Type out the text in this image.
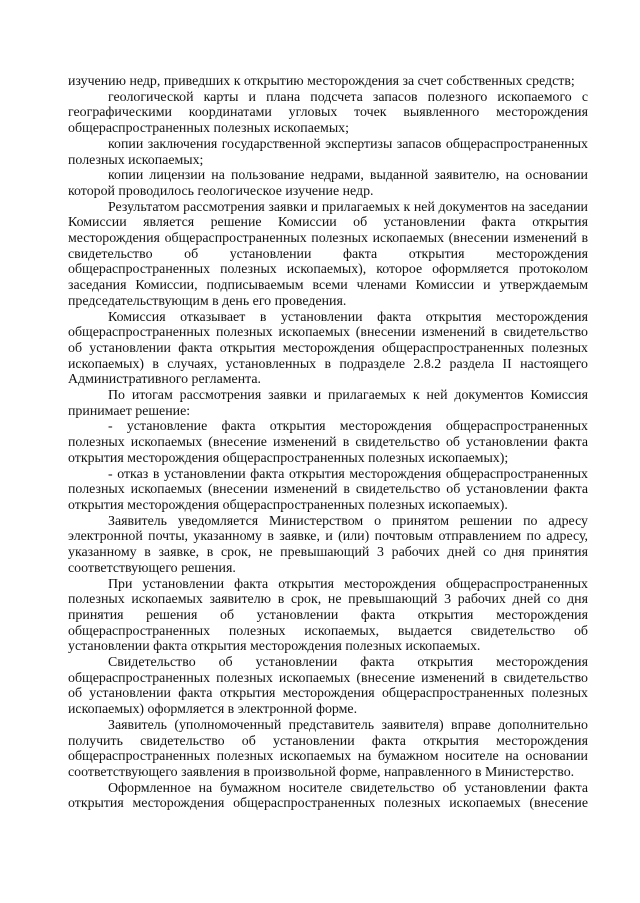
изучению недр, приведших к открытию месторождения за счет собственных средств;

геологической карты и плана подсчета запасов полезного ископаемого с географическими координатами угловых точек выявленного месторождения общераспространенных полезных ископаемых;

копии заключения государственной экспертизы запасов общераспространенных полезных ископаемых;

копии лицензии на пользование недрами, выданной заявителю, на основании которой проводилось геологическое изучение недр.

Результатом рассмотрения заявки и прилагаемых к ней документов на заседании Комиссии является решение Комиссии об установлении факта открытия месторождения общераспространенных полезных ископаемых (внесении изменений в свидетельство об установлении факта открытия месторождения общераспространенных полезных ископаемых), которое оформляется протоколом заседания Комиссии, подписываемым всеми членами Комиссии и утверждаемым председательствующим в день его проведения.

Комиссия отказывает в установлении факта открытия месторождения общераспространенных полезных ископаемых (внесении изменений в свидетельство об установлении факта открытия месторождения общераспространенных полезных ископаемых) в случаях, установленных в подразделе 2.8.2 раздела II настоящего Административного регламента.

По итогам рассмотрения заявки и прилагаемых к ней документов Комиссия принимает решение:

- установление факта открытия месторождения общераспространенных полезных ископаемых (внесение изменений в свидетельство об установлении факта открытия месторождения общераспространенных полезных ископаемых);

- отказ в установлении факта открытия месторождения общераспространенных полезных ископаемых (внесении изменений в свидетельство об установлении факта открытия месторождения общераспространенных полезных ископаемых).

Заявитель уведомляется Министерством о принятом решении по адресу электронной почты, указанному в заявке, и (или) почтовым отправлением по адресу, указанному в заявке, в срок, не превышающий 3 рабочих дней со дня принятия соответствующего решения.

При установлении факта открытия месторождения общераспространенных полезных ископаемых заявителю в срок, не превышающий 3 рабочих дней со дня принятия решения об установлении факта открытия месторождения общераспространенных полезных ископаемых, выдается свидетельство об установлении факта открытия месторождения полезных ископаемых.

Свидетельство об установлении факта открытия месторождения общераспространенных полезных ископаемых (внесение изменений в свидетельство об установлении факта открытия месторождения общераспространенных полезных ископаемых) оформляется в электронной форме.

Заявитель (уполномоченный представитель заявителя) вправе дополнительно получить свидетельство об установлении факта открытия месторождения общераспространенных полезных ископаемых на бумажном носителе на основании соответствующего заявления в произвольной форме, направленного в Министерство.

Оформленное на бумажном носителе свидетельство об установлении факта открытия месторождения общераспространенных полезных ископаемых (внесение
